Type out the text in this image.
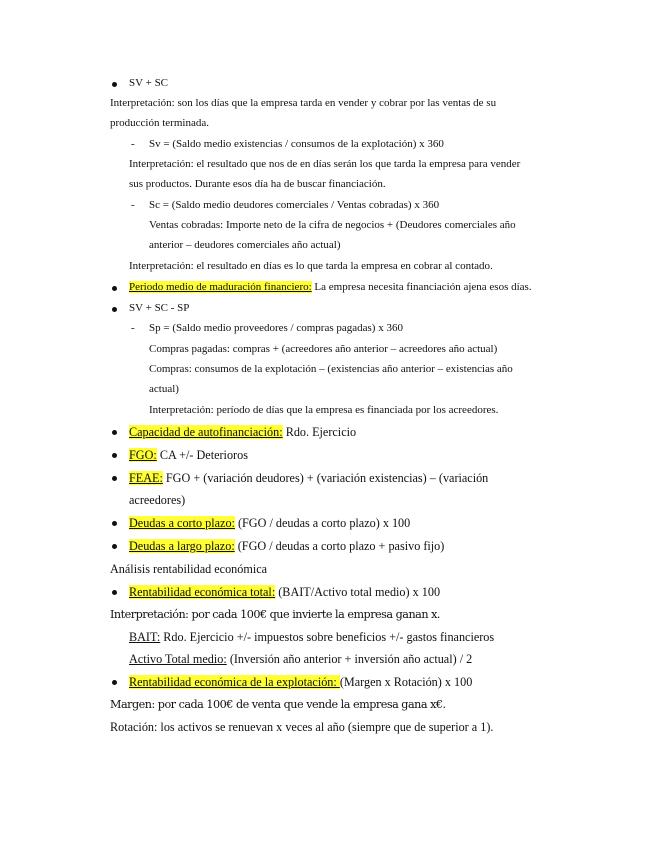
SV + SC
Interpretación: son los días que la empresa tarda en vender y cobrar por las ventas de su
producción terminada.
- Sv = (Saldo medio existencias / consumos de la explotación) x 360
Interpretación: el resultado que nos de en días serán los que tarda la empresa para vender
sus productos. Durante esos día ha de buscar financiación.
- Sc = (Saldo medio deudores comerciales / Ventas cobradas) x 360
Ventas cobradas: Importe neto de la cifra de negocios + (Deudores comerciales año
anterior – deudores comerciales año actual)
Interpretación: el resultado en días es lo que tarda la empresa en cobrar al contado.
Periodo medio de maduración financiero: La empresa necesita financiación ajena esos días.
SV + SC - SP
- Sp = (Saldo medio proveedores / compras pagadas) x 360
Compras pagadas: compras + (acreedores año anterior – acreedores año actual)
Compras: consumos de la explotación – (existencias año anterior – existencias año
actual)
Interpretación: período de días que la empresa es financiada por los acreedores.
Capacidad de autofinanciación: Rdo. Ejercicio
FGO: CA +/- Deterioros
FEAE: FGO + (variación deudores) + (variación existencias) – (variación
acreedores)
Deudas a corto plazo: (FGO / deudas a corto plazo) x 100
Deudas a largo plazo: (FGO / deudas a corto plazo + pasivo fijo)
Análisis rentabilidad económica
Rentabilidad económica total: (BAIT/Activo total medio) x 100
Interpretación: por cada 100€ que invierte la empresa ganan x.
BAIT: Rdo. Ejercicio +/- impuestos sobre beneficios +/- gastos financieros
Activo Total medio: (Inversión año anterior + inversión año actual) / 2
Rentabilidad económica de la explotación: (Margen x Rotación) x 100
Margen: por cada 100€ de venta que vende la empresa gana x€.
Rotación: los activos se renuevan x veces al año (siempre que de superior a 1).
